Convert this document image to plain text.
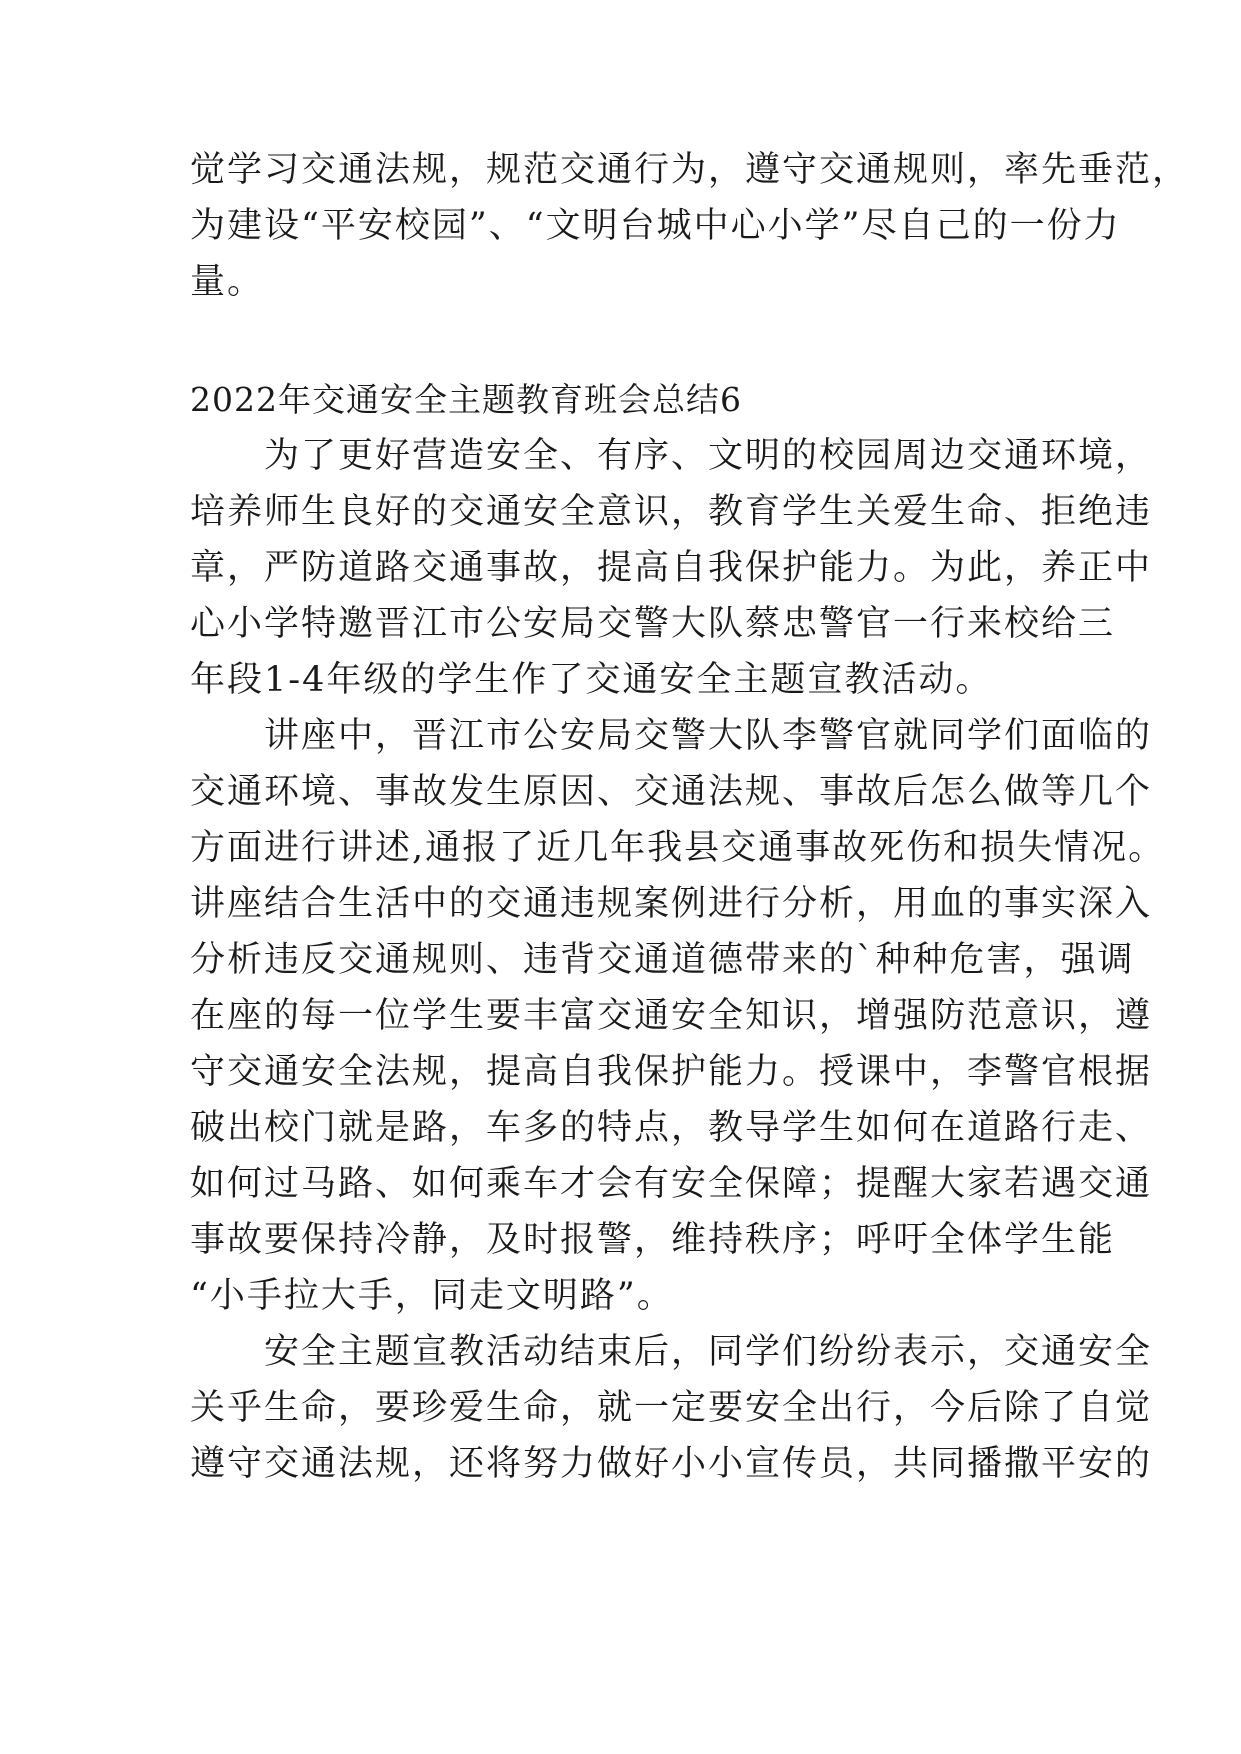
觉学习交通法规，规范交通行为，遵守交通规则，率先垂范，
为建设“平安校园”、“文明台城中心小学”尽自己的一份力
量。
2022年交通安全主题教育班会总结6
　　为了更好营造安全、有序、文明的校园周边交通环境，
培养师生良好的交通安全意识，教育学生关爱生命、拒绝违
章，严防道路交通事故，提高自我保护能力。为此，养正中
心小学特邀晋江市公安局交警大队蔡忠警官一行来校给三
年段1-4年级的学生作了交通安全主题宣教活动。
　　讲座中，晋江市公安局交警大队李警官就同学们面临的
交通环境、事故发生原因、交通法规、事故后怎么做等几个
方面进行讲述,通报了近几年我县交通事故死伤和损失情况。
讲座结合生活中的交通违规案例进行分析，用血的事实深入
分析违反交通规则、违背交通道德带来的`种种危害，强调
在座的每一位学生要丰富交通安全知识，增强防范意识，遵
守交通安全法规，提高自我保护能力。授课中，李警官根据
破出校门就是路，车多的特点，教导学生如何在道路行走、
如何过马路、如何乘车才会有安全保障；提醒大家若遇交通
事故要保持冷静，及时报警，维持秩序；呼吁全体学生能
“小手拉大手，同走文明路”。
　　安全主题宣教活动结束后，同学们纷纷表示，交通安全
关乎生命，要珍爱生命，就一定要安全出行，今后除了自觉
遵守交通法规，还将努力做好小小宣传员，共同播撒平安的
